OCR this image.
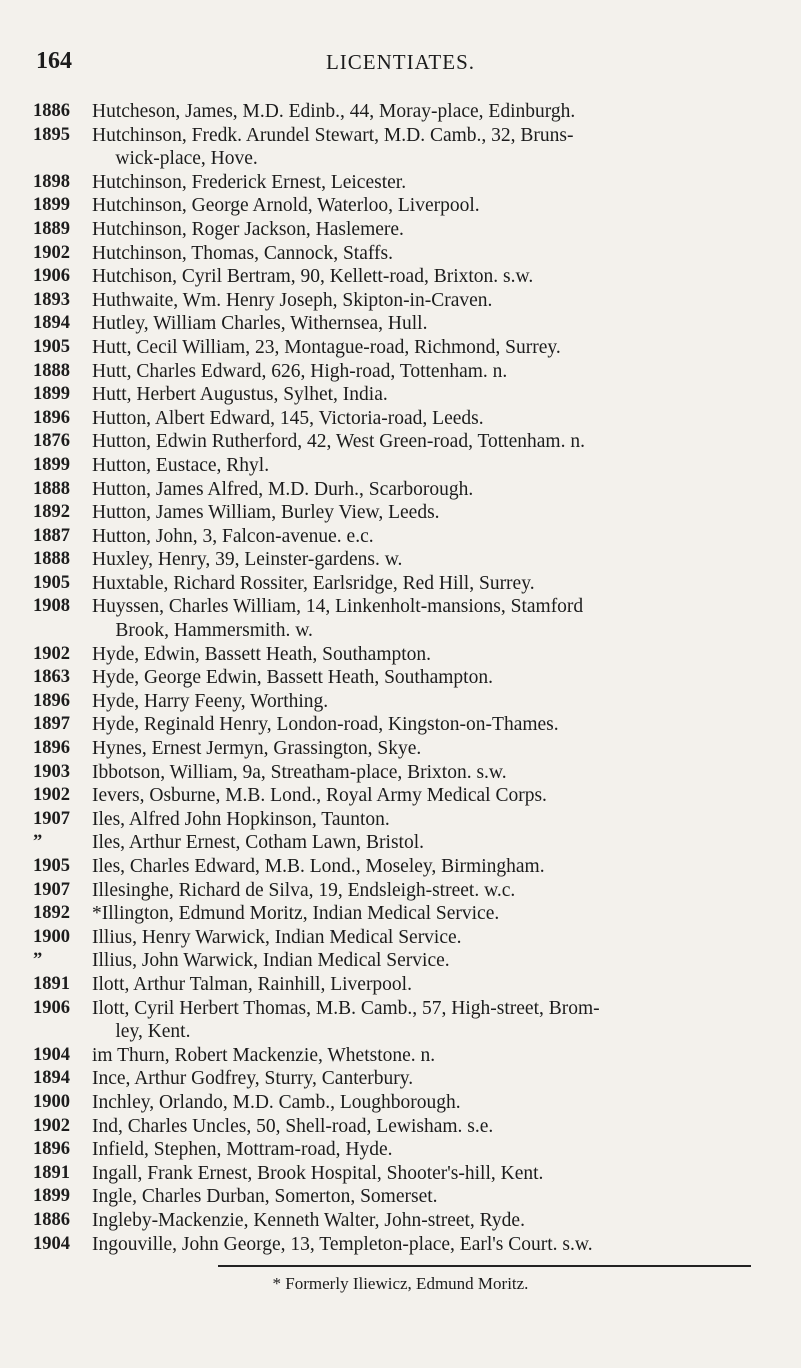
164	LICENTIATES.
1886	Hutcheson, James, M.D. Edinb., 44, Moray-place, Edinburgh.
1895	Hutchinson, Fredk. Arundel Stewart, M.D. Camb., 32, Bruns-
wick-place, Hove.
1898	Hutchinson, Frederick Ernest, Leicester.
1899	Hutchinson, George Arnold, Waterloo, Liverpool.
1889	Hutchinson, Roger Jackson, Haslemere.
1902	Hutchinson, Thomas, Cannock, Staffs.
1906	Hutchison, Cyril Bertram, 90, Kellett-road, Brixton. s.w.
1893	Huthwaite, Wm. Henry Joseph, Skipton-in-Craven.
1894	Hutley, William Charles, Withernsea, Hull.
1905	Hutt, Cecil William, 23, Montague-road, Richmond, Surrey.
1888	Hutt, Charles Edward, 626, High-road, Tottenham. n.
1899	Hutt, Herbert Augustus, Sylhet, India.
1896	Hutton, Albert Edward, 145, Victoria-road, Leeds.
1876	Hutton, Edwin Rutherford, 42, West Green-road, Tottenham. n.
1899	Hutton, Eustace, Rhyl.
1888	Hutton, James Alfred, M.D. Durh., Scarborough.
1892	Hutton, James William, Burley View, Leeds.
1887	Hutton, John, 3, Falcon-avenue. e.c.
1888	Huxley, Henry, 39, Leinster-gardens. w.
1905	Huxtable, Richard Rossiter, Earlsridge, Red Hill, Surrey.
1908	Huyssen, Charles William, 14, Linkenholt-mansions, Stamford
Brook, Hammersmith. w.
1902	Hyde, Edwin, Bassett Heath, Southampton.
1863	Hyde, George Edwin, Bassett Heath, Southampton.
1896	Hyde, Harry Feeny, Worthing.
1897	Hyde, Reginald Henry, London-road, Kingston-on-Thames.
1896	Hynes, Ernest Jermyn, Grassington, Skye.
1903	Ibbotson, William, 9a, Streatham-place, Brixton. s.w.
1902	Ievers, Osburne, M.B. Lond., Royal Army Medical Corps.
1907	Iles, Alfred John Hopkinson, Taunton.
”	Iles, Arthur Ernest, Cotham Lawn, Bristol.
1905	Iles, Charles Edward, M.B. Lond., Moseley, Birmingham.
1907	Illesinghe, Richard de Silva, 19, Endsleigh-street. w.c.
1892	*Illington, Edmund Moritz, Indian Medical Service.
1900	Illius, Henry Warwick, Indian Medical Service.
”	Illius, John Warwick, Indian Medical Service.
1891	Ilott, Arthur Talman, Rainhill, Liverpool.
1906	Ilott, Cyril Herbert Thomas, M.B. Camb., 57, High-street, Brom-
ley, Kent.
1904	im Thurn, Robert Mackenzie, Whetstone. n.
1894	Ince, Arthur Godfrey, Sturry, Canterbury.
1900	Inchley, Orlando, M.D. Camb., Loughborough.
1902	Ind, Charles Uncles, 50, Shell-road, Lewisham. s.e.
1896	Infield, Stephen, Mottram-road, Hyde.
1891	Ingall, Frank Ernest, Brook Hospital, Shooter's-hill, Kent.
1899	Ingle, Charles Durban, Somerton, Somerset.
1886	Ingleby-Mackenzie, Kenneth Walter, John-street, Ryde.
1904	Ingouville, John George, 13, Templeton-place, Earl's Court. s.w.
* Formerly Iliewicz, Edmund Moritz.
